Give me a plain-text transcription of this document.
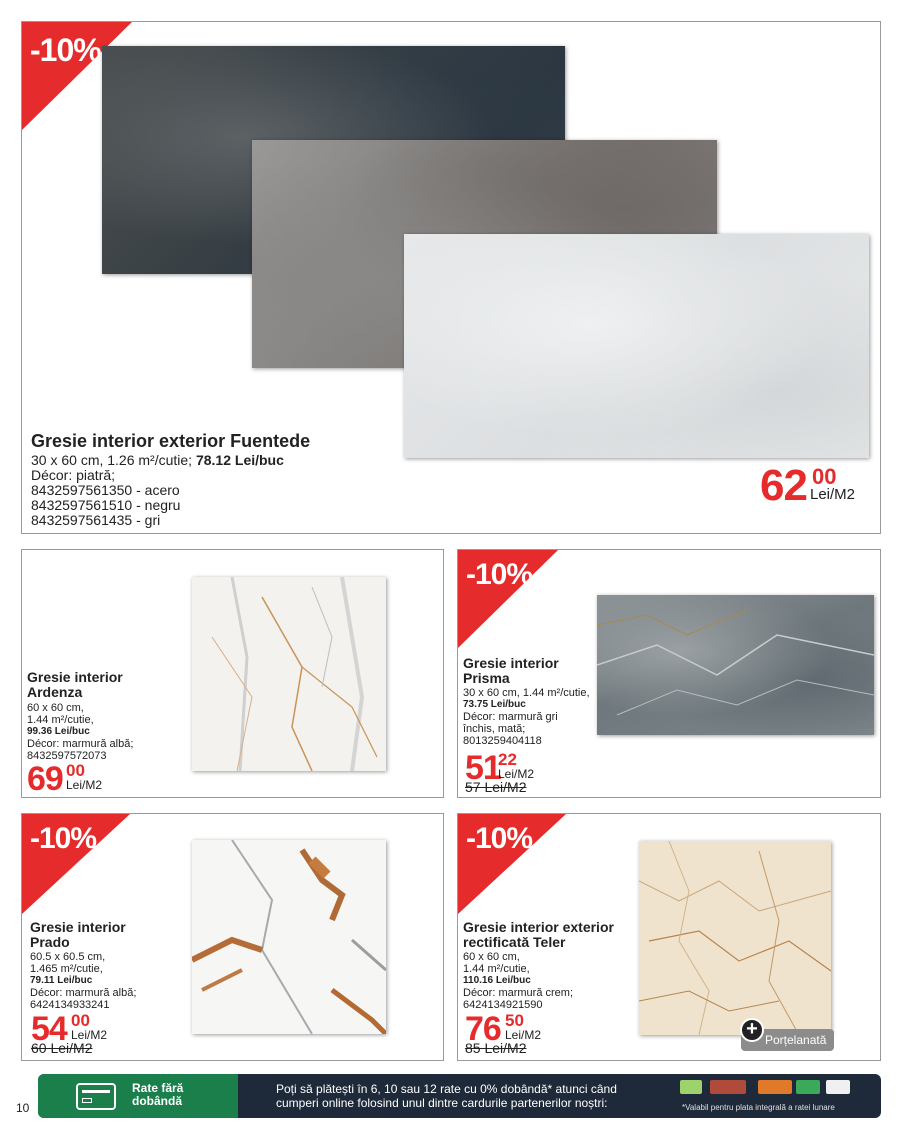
-10%
Gresie interior exterior Fuentede
30 x 60 cm, 1.26 m²/cutie; 78.12 Lei/buc
Décor: piatră;
8432597561350 - acero
8432597561510 - negru
8432597561435 - gri
62 00
Lei/M2
Gresie interior
Ardenza
60 x 60 cm,
1.44 m²/cutie,
99.36 Lei/buc
Décor: marmură albă;
8432597572073
69 00
Lei/M2
-10%
Gresie interior
Prisma
30 x 60 cm, 1.44 m²/cutie,
73.75 Lei/buc
Décor: marmură gri
închis, mată;
8013259404118
51
22
Lei/M2
57 Lei/M2
-10%
Gresie interior
Prado
60.5 x 60.5 cm,
1.465 m²/cutie,
79.11 Lei/buc
Décor: marmură albă;
6424134933241
54 00
Lei/M2
60 Lei/M2
-10%
Porțelanată
+
Gresie interior exterior
rectificată Teler
60 x 60 cm,
1.44 m²/cutie,
110.16 Lei/buc
Décor: marmură crem;
6424134921590
76 50
Lei/M2
85 Lei/M2
10
Rate fără
dobândă
Poți să plătești în 6, 10 sau 12 rate cu 0% dobândă* atunci când
cumperi online folosind unul dintre cardurile partenerilor noștri:	*Valabil pentru plata integrală a ratei lunare
